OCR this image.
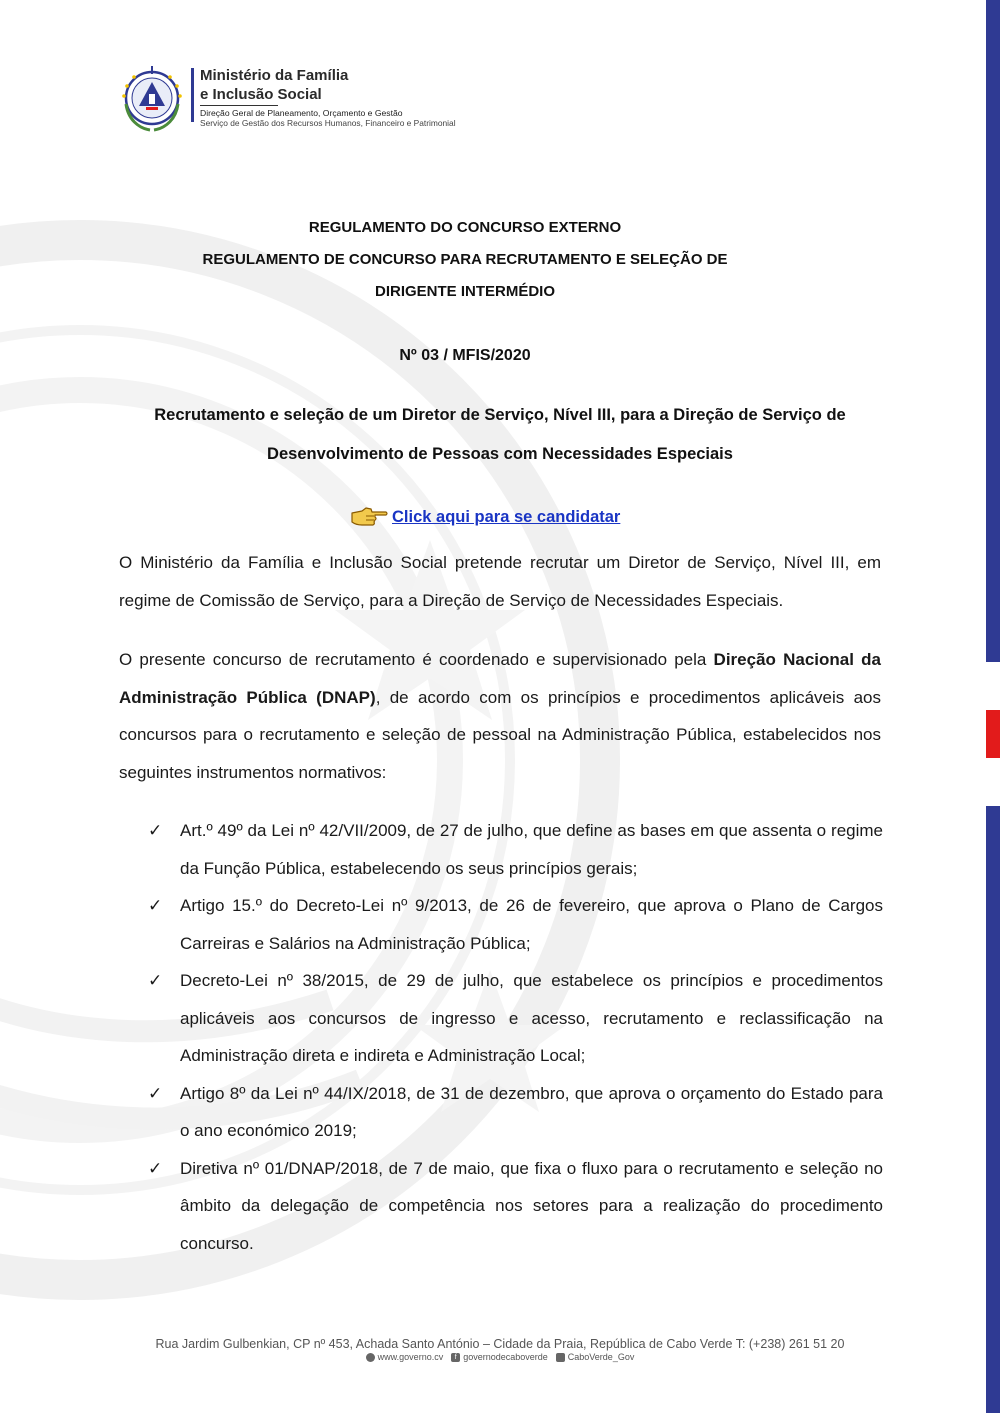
Ministério da Família
e Inclusão Social
Direção Geral de Planeamento, Orçamento e Gestão
Serviço de Gestão dos Recursos Humanos, Financeiro e Patrimonial
REGULAMENTO DO CONCURSO EXTERNO
REGULAMENTO DE CONCURSO PARA RECRUTAMENTO E SELEÇÃO DE
DIRIGENTE INTERMÉDIO
Nº 03 / MFIS/2020
Recrutamento e seleção de um Diretor de Serviço, Nível III, para a Direção de Serviço de Desenvolvimento de Pessoas com Necessidades Especiais
Click aqui para se candidatar

O Ministério da Família e Inclusão Social pretende recrutar um Diretor de Serviço, Nível III, em regime de Comissão de Serviço, para a Direção de Serviço de Necessidades Especiais.

O presente concurso de recrutamento é coordenado e supervisionado pela Direção Nacional da Administração Pública (DNAP), de acordo com os princípios e procedimentos aplicáveis aos concursos para o recrutamento e seleção de pessoal na Administração Pública, estabelecidos nos seguintes instrumentos normativos:

✓ Art.º 49º da Lei nº 42/VII/2009, de 27 de julho, que define as bases em que assenta o regime da Função Pública, estabelecendo os seus princípios gerais;
✓ Artigo 15.º do Decreto-Lei nº 9/2013, de 26 de fevereiro, que aprova o Plano de Cargos Carreiras e Salários na Administração Pública;
✓ Decreto-Lei nº 38/2015, de 29 de julho, que estabelece os princípios e procedimentos aplicáveis aos concursos de ingresso e acesso, recrutamento e reclassificação na Administração direta e indireta e Administração Local;
✓ Artigo 8º da Lei nº 44/IX/2018, de 31 de dezembro, que aprova o orçamento do Estado para o ano económico 2019;
✓ Diretiva nº 01/DNAP/2018, de 7 de maio, que fixa o fluxo para o recrutamento e seleção no âmbito da delegação de competência nos setores para a realização do procedimento concurso.
Rua Jardim Gulbenkian, CP nº 453, Achada Santo António – Cidade da Praia, República de Cabo Verde T: (+238) 261 51 20
www.governo.cv	f governodecaboverde CaboVerde_Gov
